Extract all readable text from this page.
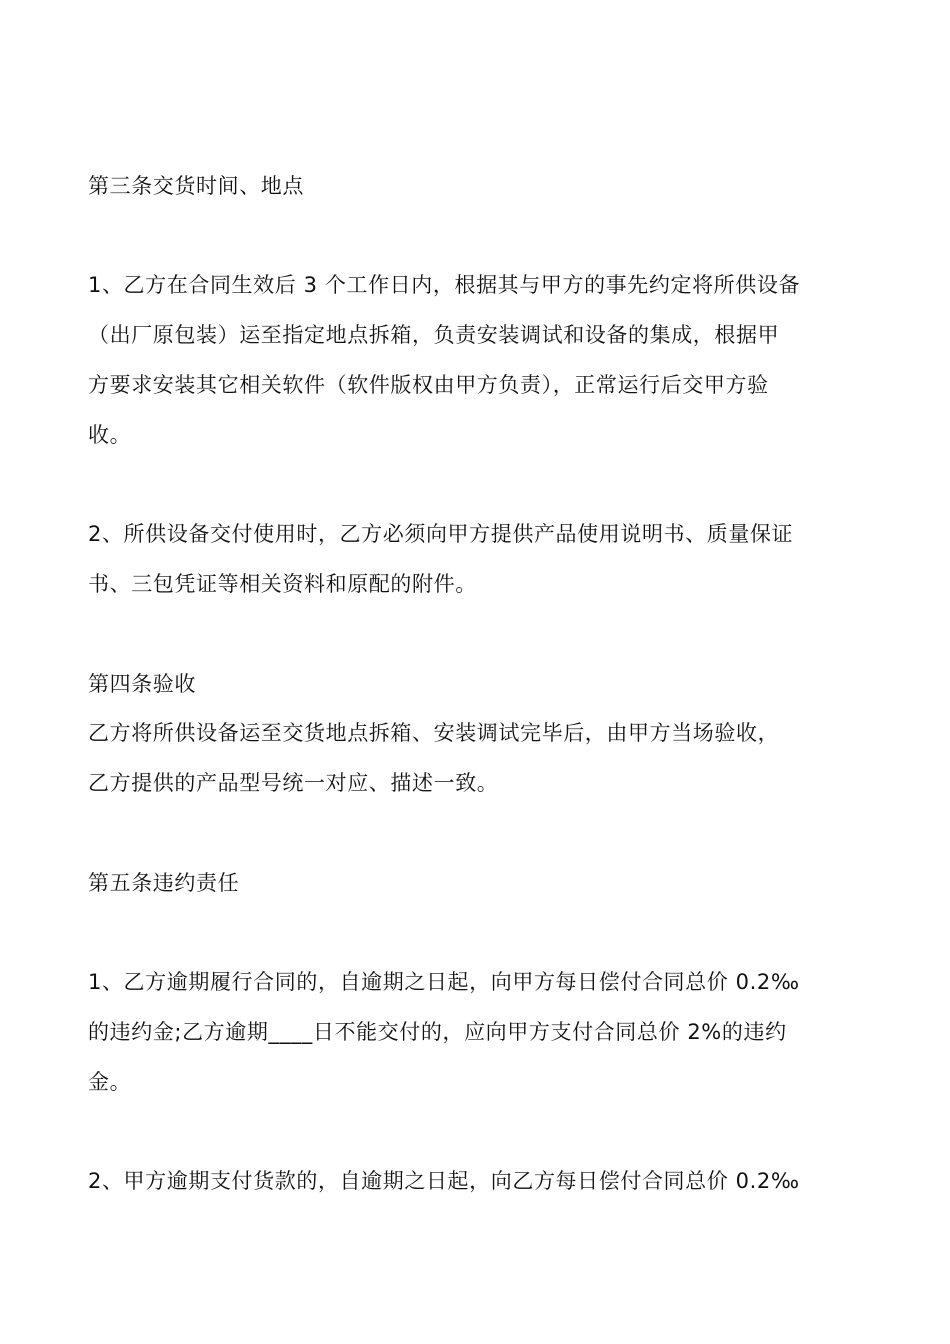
第三条交货时间、地点
1、乙方在合同生效后 3 个工作日内，根据其与甲方的事先约定将所供设备
（出厂原包装）运至指定地点拆箱，负责安装调试和设备的集成，根据甲
方要求安装其它相关软件（软件版权由甲方负责），正常运行后交甲方验
收。
2、所供设备交付使用时，乙方必须向甲方提供产品使用说明书、质量保证
书、三包凭证等相关资料和原配的附件。
第四条验收
乙方将所供设备运至交货地点拆箱、安装调试完毕后，由甲方当场验收，
乙方提供的产品型号统一对应、描述一致。
第五条违约责任
1、乙方逾期履行合同的，自逾期之日起，向甲方每日偿付合同总价 0.2‰
的违约金;乙方逾期____日不能交付的，应向甲方支付合同总价 2%的违约
金。
2、甲方逾期支付货款的，自逾期之日起，向乙方每日偿付合同总价 0.2‰
